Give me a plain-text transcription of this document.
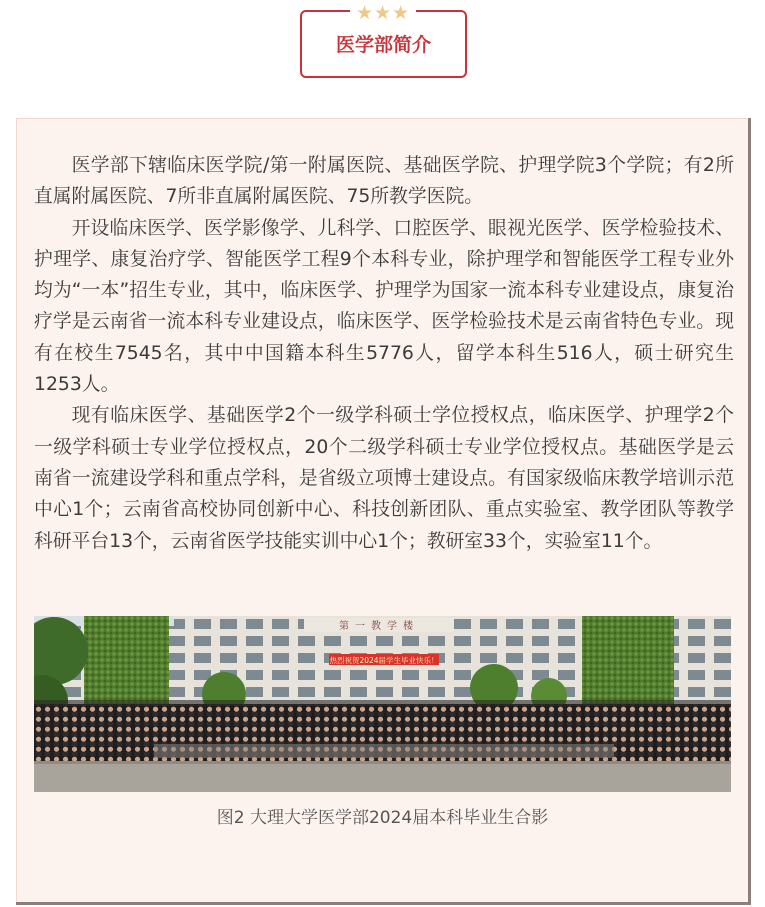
★★★
医学部简介

医学部下辖临床医学院/第一附属医院、基础医学院、护理学院3个学院；有2所直属附属医院、7所非直属附属医院、75所教学医院。

开设临床医学、医学影像学、儿科学、口腔医学、眼视光医学、医学检验技术、护理学、康复治疗学、智能医学工程9个本科专业，除护理学和智能医学工程专业外均为“一本”招生专业，其中，临床医学、护理学为国家一流本科专业建设点，康复治疗学是云南省一流本科专业建设点，临床医学、医学检验技术是云南省特色专业。现有在校生7545名，其中中国籍本科生5776人，留学本科生516人，硕士研究生1253人。

现有临床医学、基础医学2个一级学科硕士学位授权点，临床医学、护理学2个一级学科硕士专业学位授权点，20个二级学科硕士专业学位授权点。基础医学是云南省一流建设学科和重点学科，是省级立项博士建设点。有国家级临床教学培训示范中心1个；云南省高校协同创新中心、科技创新团队、重点实验室、教学团队等教学科研平台13个，云南省医学技能实训中心1个；教研室33个，实验室11个。

第一教学楼
热烈祝贺2024届学生毕业快乐！
图2 大理大学医学部2024届本科毕业生合影
